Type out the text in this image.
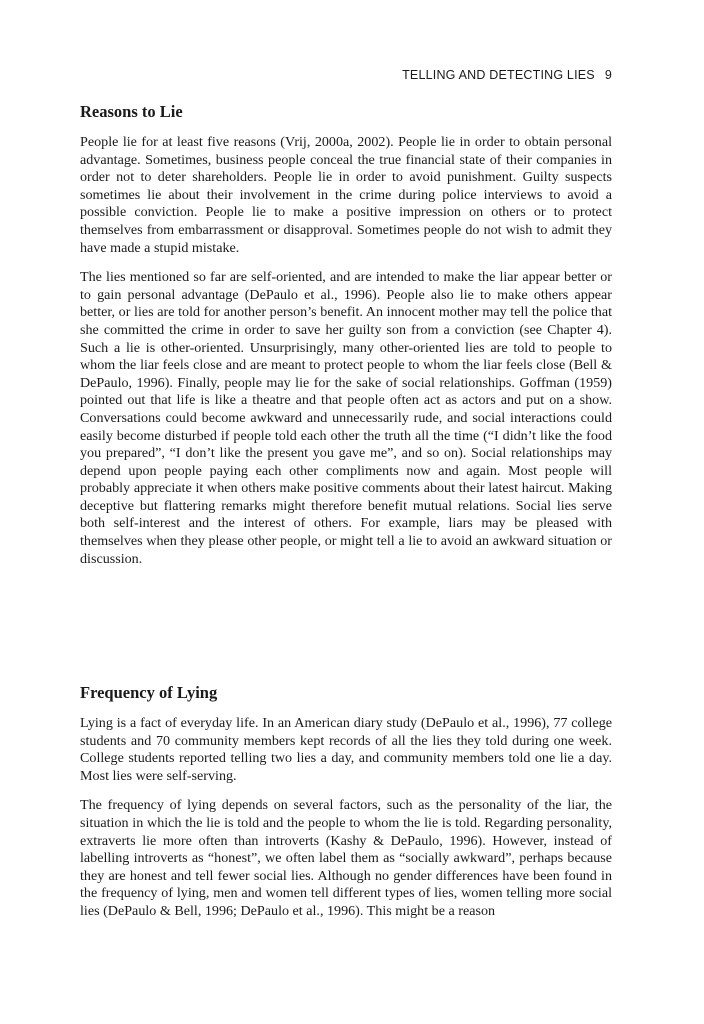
TELLING AND DETECTING LIES 9
Reasons to Lie

People lie for at least five reasons (Vrij, 2000a, 2002). People lie in order to obtain personal advantage. Sometimes, business people conceal the true financial state of their companies in order not to deter shareholders. People lie in order to avoid punishment. Guilty suspects sometimes lie about their involvement in the crime during police interviews to avoid a possible conviction. People lie to make a positive impression on others or to protect themselves from embarrassment or disapproval. Sometimes people do not wish to admit they have made a stupid mistake.

The lies mentioned so far are self-oriented, and are intended to make the liar appear better or to gain personal advantage (DePaulo et al., 1996). People also lie to make others appear better, or lies are told for another person’s benefit. An innocent mother may tell the police that she committed the crime in order to save her guilty son from a conviction (see Chapter 4). Such a lie is other-oriented. Unsurprisingly, many other-oriented lies are told to people to whom the liar feels close and are meant to protect people to whom the liar feels close (Bell & DePaulo, 1996). Finally, people may lie for the sake of social relationships. Goffman (1959) pointed out that life is like a theatre and that people often act as actors and put on a show. Conversations could become awkward and unnecessarily rude, and social interactions could easily become disturbed if people told each other the truth all the time (“I didn’t like the food you prepared”, “I don’t like the present you gave me”, and so on). Social relationships may depend upon people paying each other compliments now and again. Most people will probably appreciate it when others make positive comments about their latest haircut. Making deceptive but flattering remarks might therefore benefit mutual relations. Social lies serve both self-interest and the interest of others. For example, liars may be pleased with themselves when they please other people, or might tell a lie to avoid an awkward situation or discussion.

Frequency of Lying

Lying is a fact of everyday life. In an American diary study (DePaulo et al., 1996), 77 college students and 70 community members kept records of all the lies they told during one week. College students reported telling two lies a day, and community members told one lie a day. Most lies were self-serving.

The frequency of lying depends on several factors, such as the personality of the liar, the situation in which the lie is told and the people to whom the lie is told. Regarding personality, extraverts lie more often than introverts (Kashy & DePaulo, 1996). However, instead of labelling introverts as “honest”, we often label them as “socially awkward”, perhaps because they are honest and tell fewer social lies. Although no gender differences have been found in the frequency of lying, men and women tell different types of lies, women telling more social lies (DePaulo & Bell, 1996; DePaulo et al., 1996). This might be a reason
